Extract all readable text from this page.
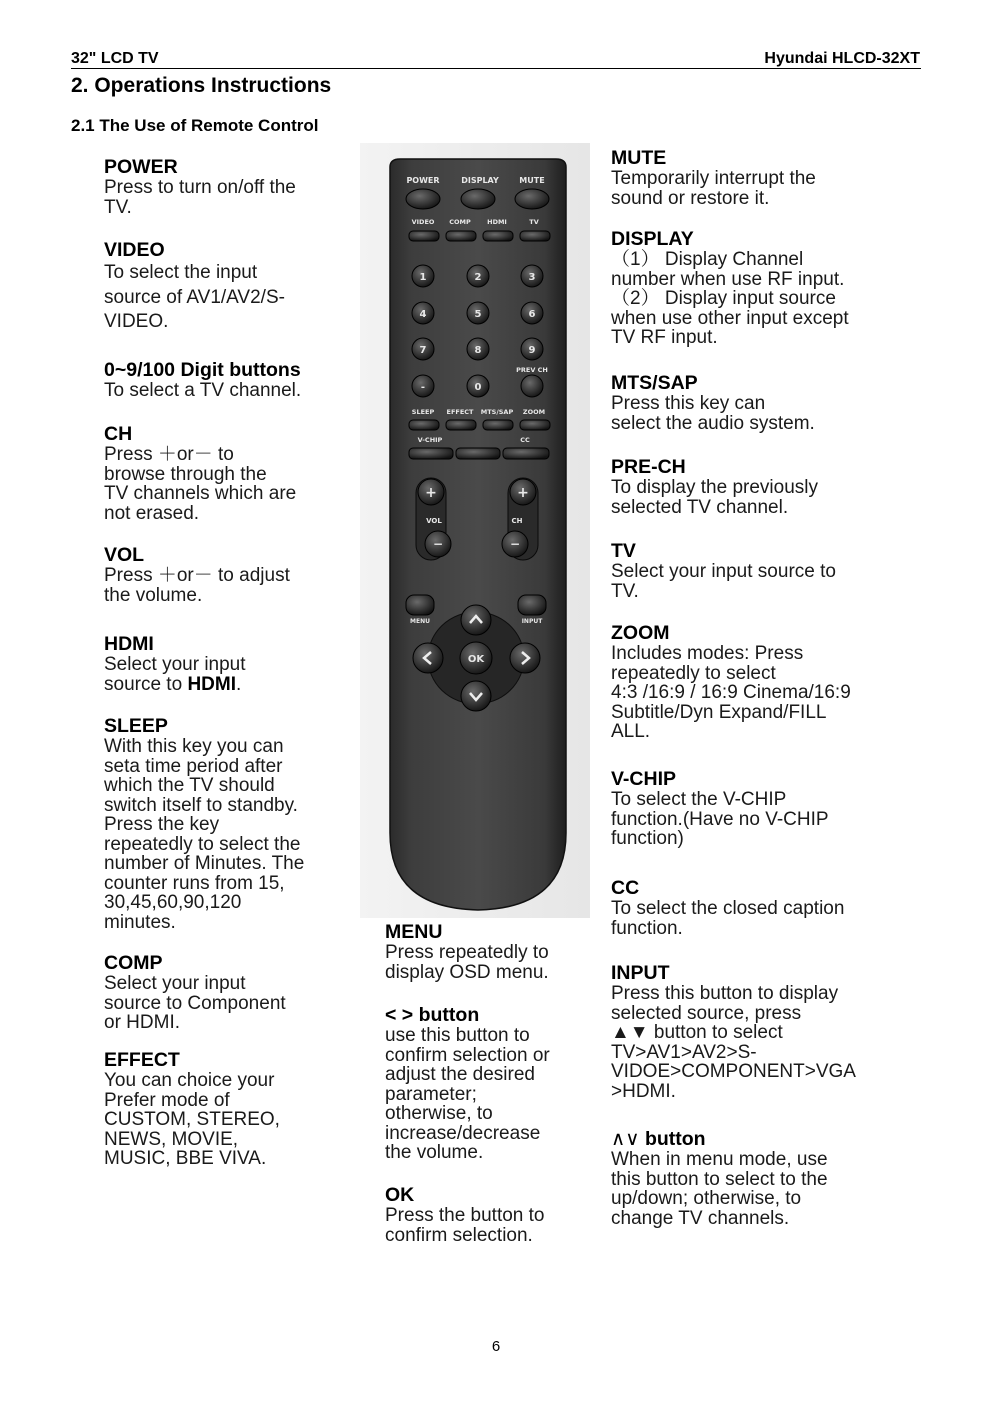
32" LCD TV	Hyundai HLCD-32XT
2. Operations Instructions
2.1 The Use of Remote Control
POWER

Press to turn on/off the
TV.

VIDEO

To select the input
source of AV1/AV2/S-
VIDEO.

0~9/100 Digit buttons

To select a TV channel.

CH

Press ＋or－ to
browse through the
TV channels which are
not erased.

VOL

Press ＋or－ to adjust
the volume.

HDMI

Select your input
source to HDMI.

SLEEP

With this key you can
seta time period after
which the TV should
switch itself to standby.
Press the key
repeatedly to select the
number of Minutes. The
counter runs from 15,
30,45,60,90,120
minutes.

COMP

Select your input
source to Component
or HDMI.

EFFECT

You can choice your
Prefer mode of
CUSTOM, STEREO,
NEWS, MOVIE,
MUSIC, BBE VIVA.

MENU

Press repeatedly to
display OSD menu.

< > button

use this button to
confirm selection or
adjust the desired
parameter;
otherwise, to
increase/decrease
the volume.

OK

Press the button to
confirm selection.

MUTE

Temporarily interrupt the
sound or restore it.

DISPLAY

（1） Display Channel
number when use RF input.
（2） Display input source
when use other input except
TV RF input.

MTS/SAP

Press this key can
select the audio system.

PRE-CH

To display the previously
selected TV channel.

TV

Select your input source to
TV.

ZOOM

Includes modes: Press
repeatedly to select
4:3 /16:9 / 16:9 Cinema/16:9
Subtitle/Dyn Expand/FILL
ALL.

V-CHIP

To select the V-CHIP
function.(Have no V-CHIP
function)

CC

To select the closed caption
function.

INPUT

Press this button to display
selected source, press
▲▼ button to select
TV>AV1>AV2>S-
VIDOE>COMPONENT>VGA
>HDMI.

∧∨ button

When in menu mode, use
this button to select to the
up/down; otherwise, to
change TV channels.

POWER	DISPLAY	MUTE
VIDEO COMP	HDMI	TV
1	2	3
4	5	6
7	8	9
PREV CH
-	0
SLEEP EFFECT MTS/SAP ZOOM
V-CHIP	CC
+
VOL
−
+
CH
−
MENU	INPUT
OK
6
